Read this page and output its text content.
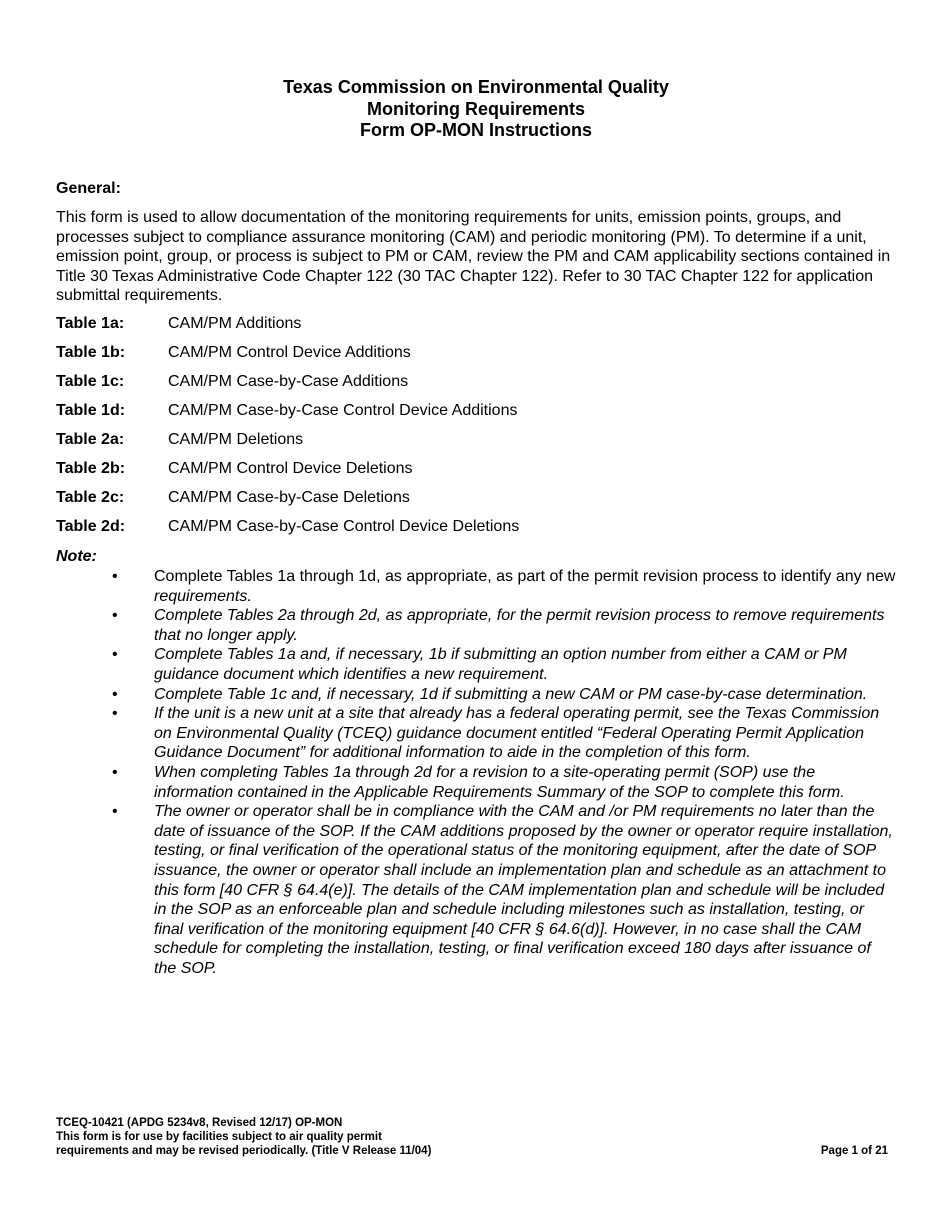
Texas Commission on Environmental Quality
Monitoring Requirements
Form OP-MON Instructions
General:

This form is used to allow documentation of the monitoring requirements for units, emission points, groups, and processes subject to compliance assurance monitoring (CAM) and periodic monitoring (PM). To determine if a unit, emission point, group, or process is subject to PM or CAM, review the PM and CAM applicability sections contained in Title 30 Texas Administrative Code Chapter 122 (30 TAC Chapter 122). Refer to 30 TAC Chapter 122 for application submittal requirements.

Table 1a:	CAM/PM Additions
Table 1b:	CAM/PM Control Device Additions
Table 1c:	CAM/PM Case-by-Case Additions
Table 1d:	CAM/PM Case-by-Case Control Device Additions
Table 2a:	CAM/PM Deletions
Table 2b:	CAM/PM Control Device Deletions
Table 2c:	CAM/PM Case-by-Case Deletions
Table 2d:	CAM/PM Case-by-Case Control Device Deletions
Note:
• Complete Tables 1a through 1d, as appropriate, as part of the permit revision process to identify any new requirements.
• Complete Tables 2a through 2d, as appropriate, for the permit revision process to remove requirements that no longer apply.
• Complete Tables 1a and, if necessary, 1b if submitting an option number from either a CAM or PM guidance document which identifies a new requirement.
• Complete Table 1c and, if necessary, 1d if submitting a new CAM or PM case-by-case determination.
• If the unit is a new unit at a site that already has a federal operating permit, see the Texas Commission on Environmental Quality (TCEQ) guidance document entitled “Federal Operating Permit Application Guidance Document” for additional information to aide in the completion of this form.
• When completing Tables 1a through 2d for a revision to a site-operating permit (SOP) use the information contained in the Applicable Requirements Summary of the SOP to complete this form.
• The owner or operator shall be in compliance with the CAM and /or PM requirements no later than the date of issuance of the SOP. If the CAM additions proposed by the owner or operator require installation, testing, or final verification of the operational status of the monitoring equipment, after the date of SOP issuance, the owner or operator shall include an implementation plan and schedule as an attachment to this form [40 CFR § 64.4(e)]. The details of the CAM implementation plan and schedule will be included in the SOP as an enforceable plan and schedule including milestones such as installation, testing, or final verification of the monitoring equipment [40 CFR § 64.6(d)]. However, in no case shall the CAM schedule for completing the installation, testing, or final verification exceed 180 days after issuance of the SOP.
TCEQ-10421 (APDG 5234v8, Revised 12/17) OP-MON
This form is for use by facilities subject to air quality permit
requirements and may be revised periodically. (Title V Release 11/04)	Page 1 of 21
